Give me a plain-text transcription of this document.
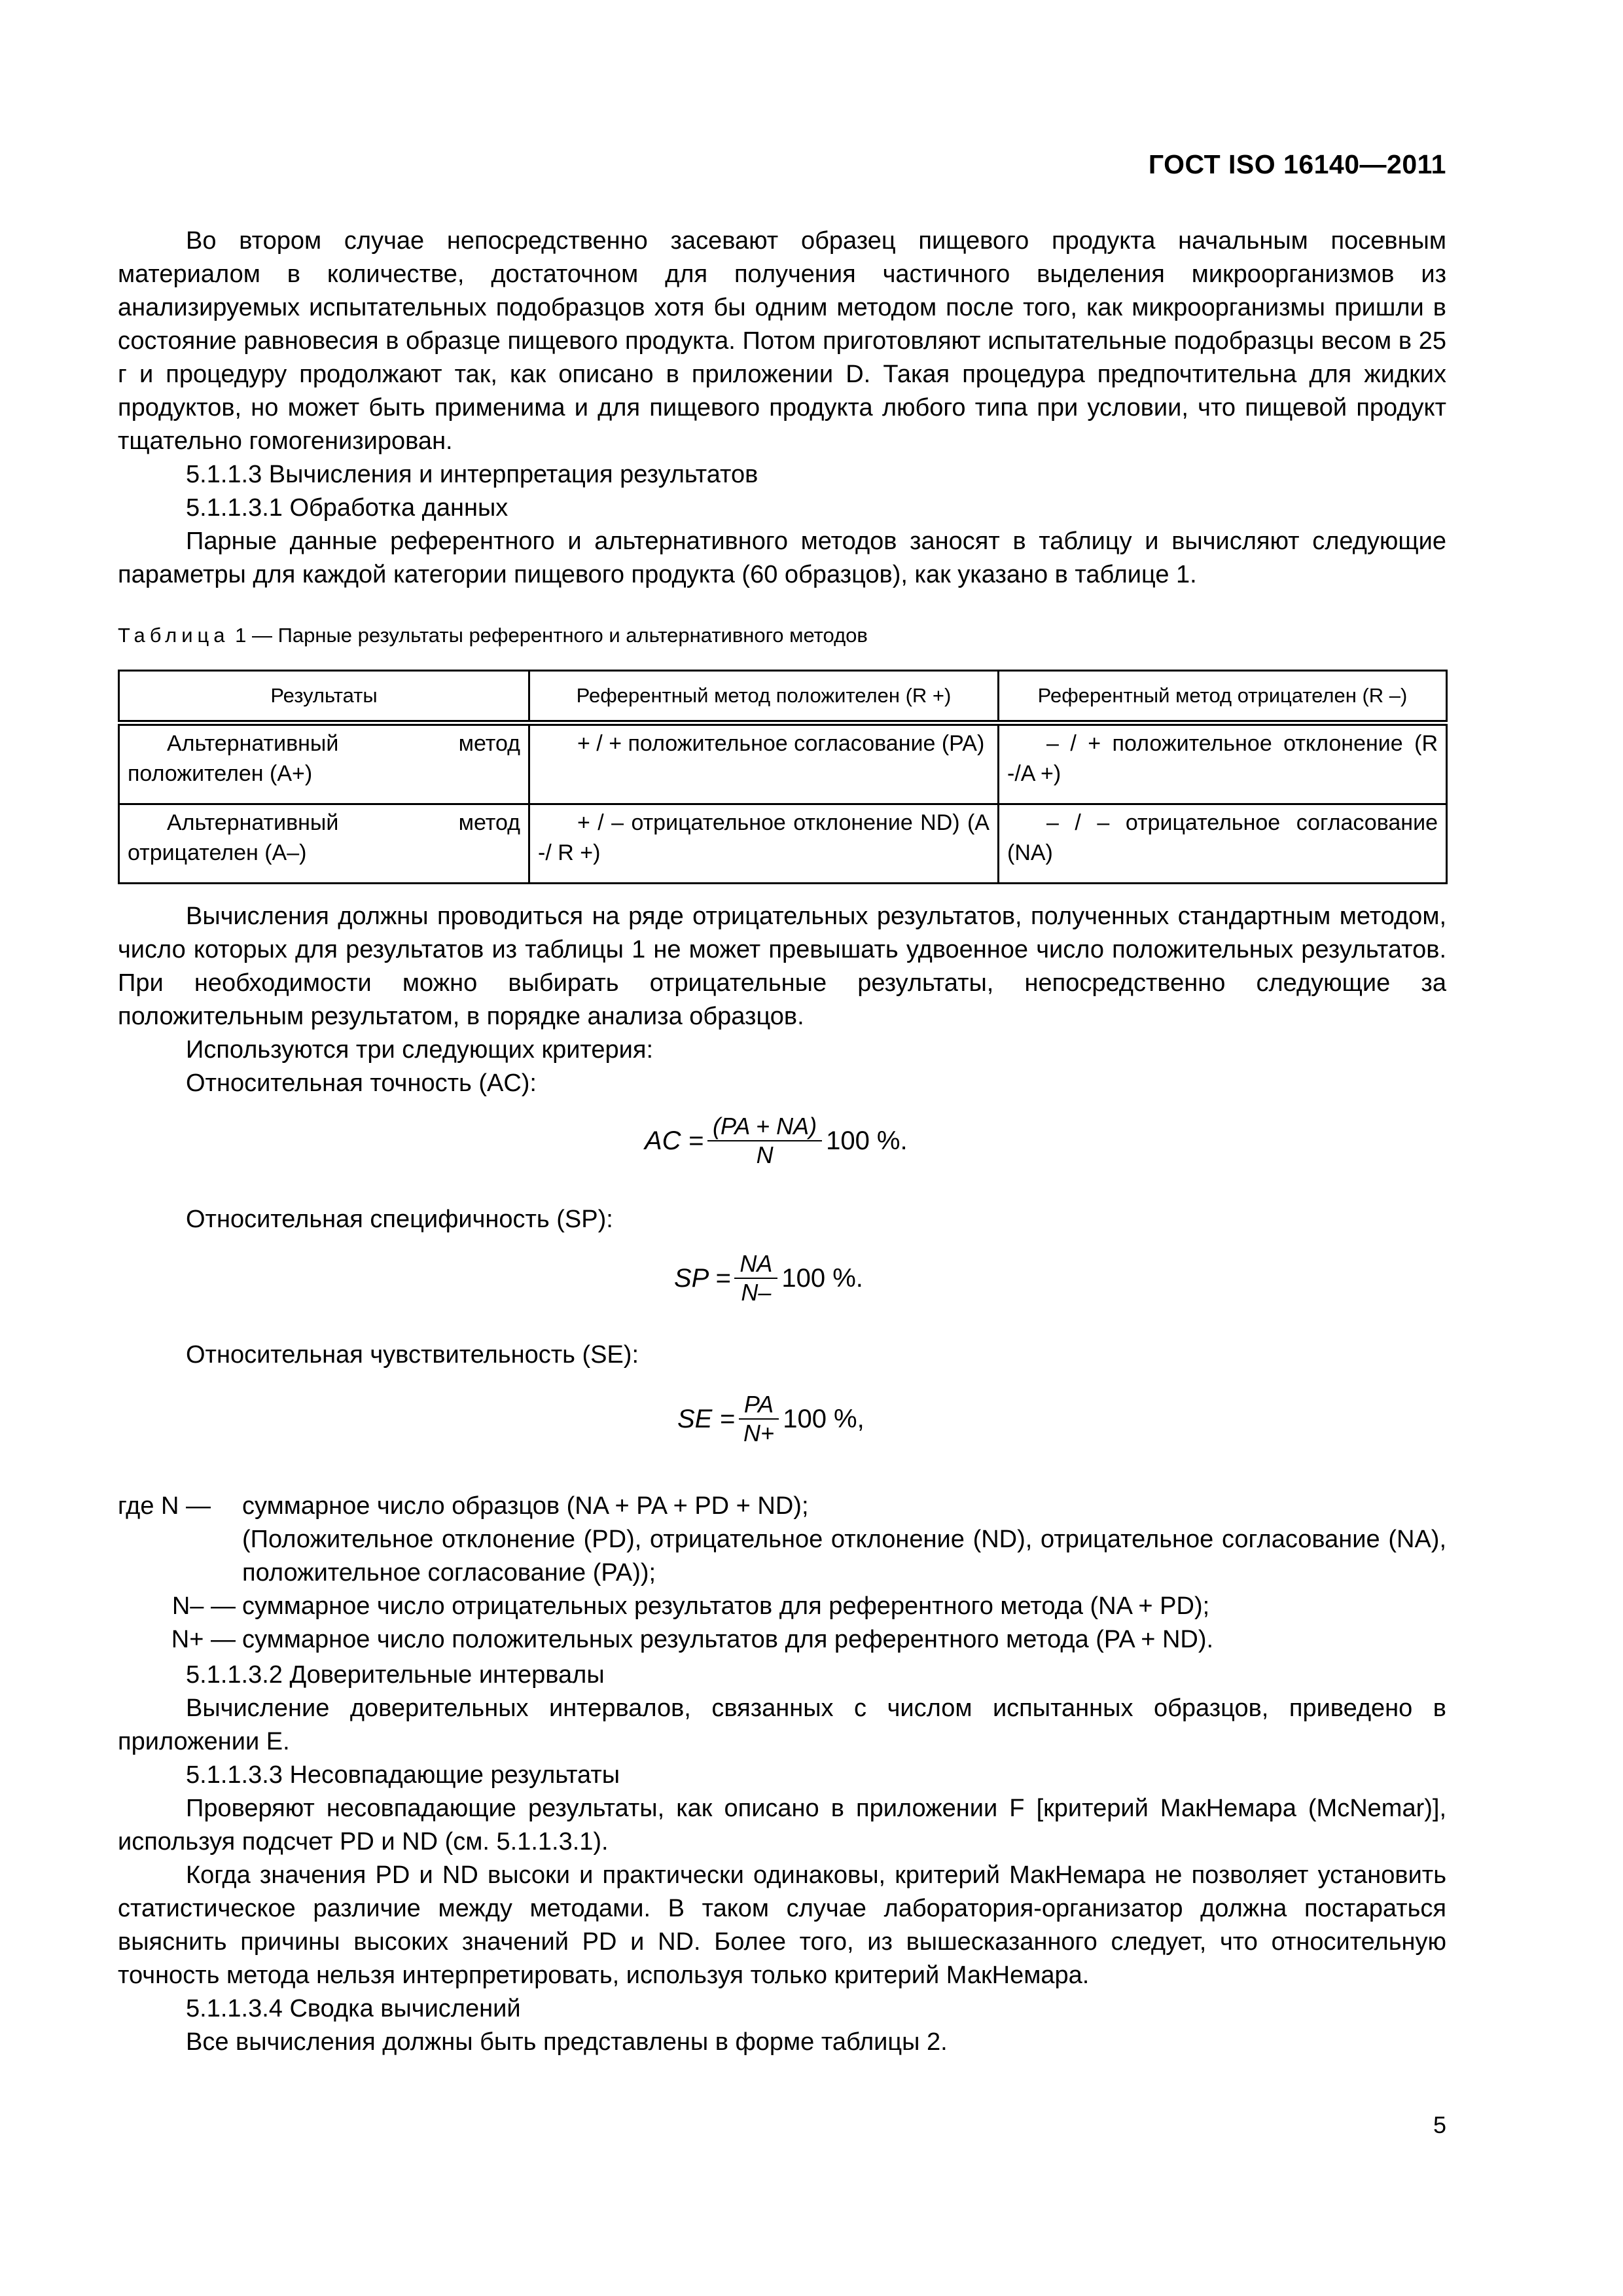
ГОСТ ISO 16140—2011

Во втором случае непосредственно засевают образец пищевого продукта начальным посевным материалом в количестве, достаточном для получения частичного выделения микроорганизмов из анализируемых испытательных подобразцов хотя бы одним методом после того, как микроорганизмы пришли в состояние равновесия в образце пищевого продукта. Потом приготовляют испытательные подобразцы весом в 25 г и процедуру продолжают так, как описано в приложении D. Такая процедура предпочтительна для жидких продуктов, но может быть применима и для пищевого продукта любого типа при условии, что пищевой продукт тщательно гомогенизирован.

5.1.1.3 Вычисления и интерпретация результатов

5.1.1.3.1 Обработка данных

Парные данные референтного и альтернативного методов заносят в таблицу и вычисляют следующие параметры для каждой категории пищевого продукта (60 образцов), как указано в таблице 1.

Таблица 1 — Парные результаты референтного и альтернативного методов
Результаты	Референтный метод положителен (R +)	Референтный метод отрицателен (R –)
Альтернативный метод положителен (A+)	+ / + положительное согласование (PA)	– / + положительное отклонение (R -/A +)
Альтернативный метод отрицателен (A–)	+ / – отрицательное отклонение ND) (A -/ R +)	– / – отрицательное согласование (NA)

Вычисления должны проводиться на ряде отрицательных результатов, полученных стандартным методом, число которых для результатов из таблицы 1 не может превышать удвоенное число положительных результатов. При необходимости можно выбирать отрицательные результаты, непосредственно следующие за положительным результатом, в порядке анализа образцов.

Используются три следующих критерия:

Относительная точность (AC):

AC = $\frac{(PA + NA)}{N} 100$ %.

Относительная специфичность (SP):

SP = $\frac{NA}{N-} 100$ %.

Относительная чувствительность (SE):

SE = $\frac{PA}{N+} 100$ %,
где N —	суммарное число образцов (NA + PA + PD + ND);
(Положительное отклонение (PD), отрицательное отклонение (ND), отрицательное согласование (NA), положительное согласование (PA));
N– — суммарное число отрицательных результатов для референтного метода (NA + PD);
N+ — суммарное число положительных результатов для референтного метода (PA + ND).

5.1.1.3.2 Доверительные интервалы

Вычисление доверительных интервалов, связанных с числом испытанных образцов, приведено в приложении E.

5.1.1.3.3 Несовпадающие результаты

Проверяют несовпадающие результаты, как описано в приложении F [критерий МакНемара (McNemar)], используя подсчет PD и ND (см. 5.1.1.3.1).

Когда значения PD и ND высоки и практически одинаковы, критерий МакНемара не позволяет установить статистическое различие между методами. В таком случае лаборатория-организатор должна постараться выяснить причины высоких значений PD и ND. Более того, из вышесказанного следует, что относительную точность метода нельзя интерпретировать, используя только критерий МакНемара.

5.1.1.3.4 Сводка вычислений

Все вычисления должны быть представлены в форме таблицы 2.

5
